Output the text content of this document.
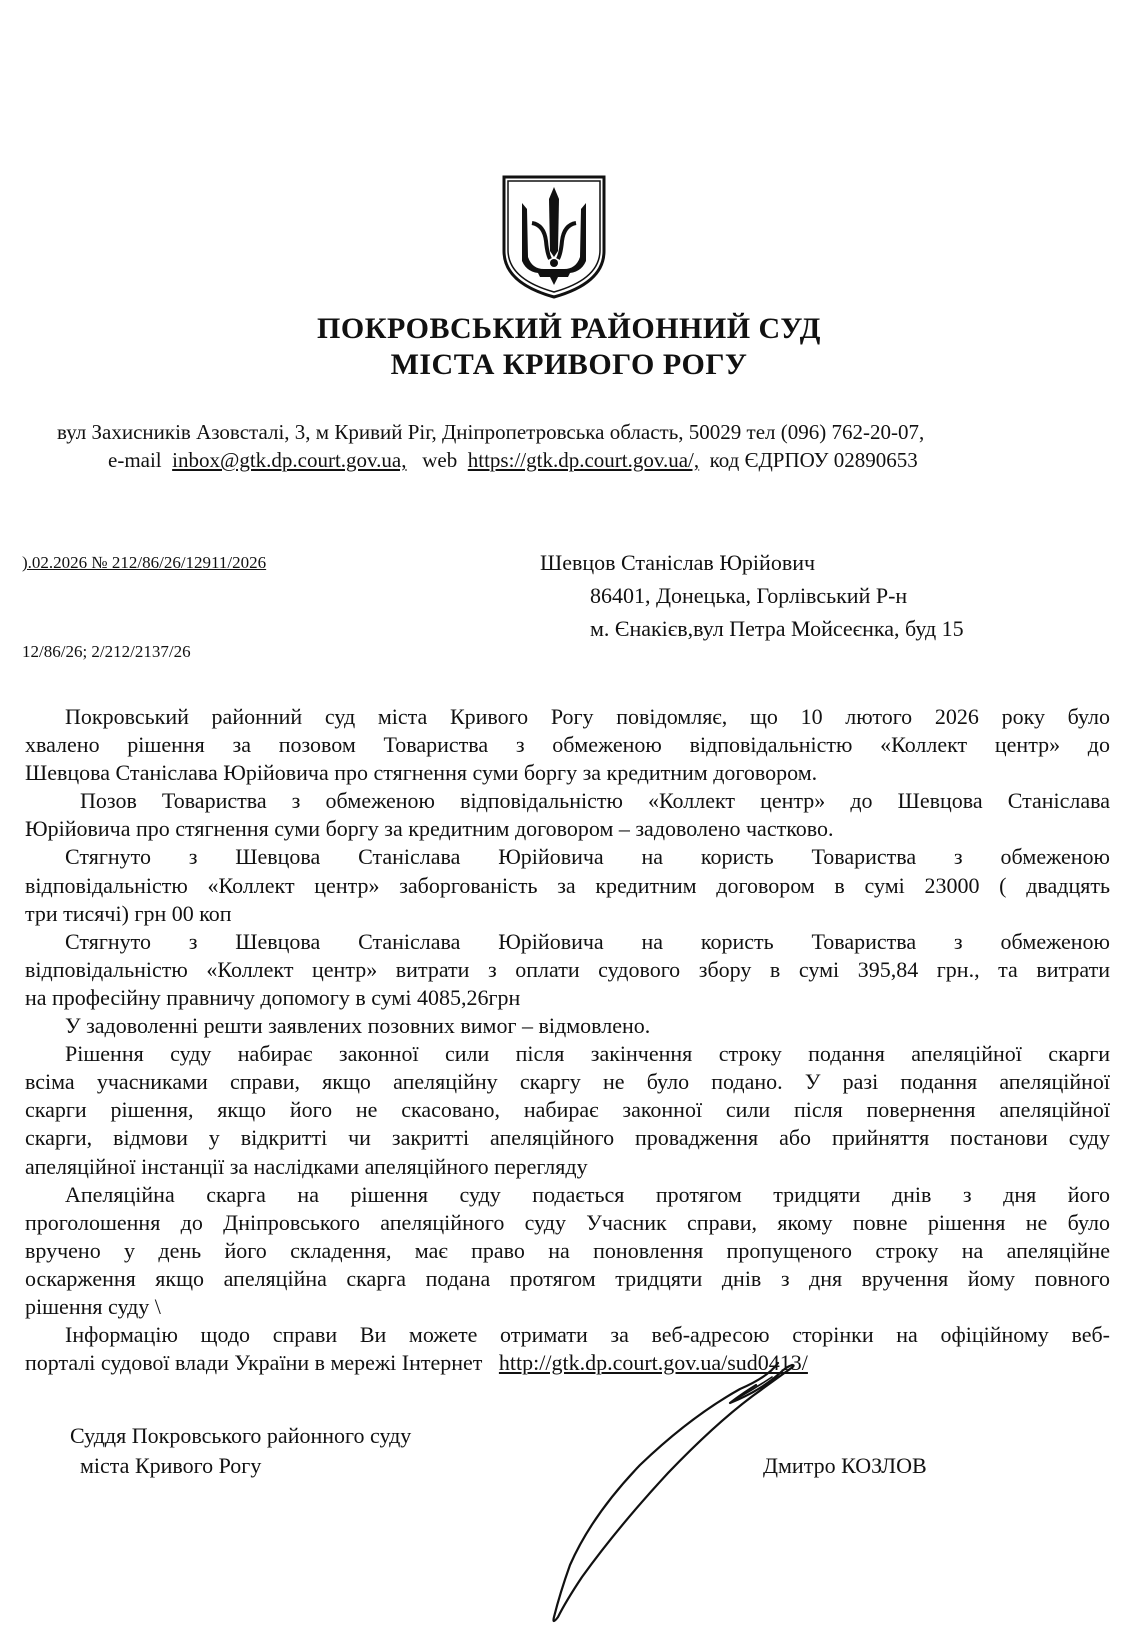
ПОКРОВСЬКИЙ РАЙОННИЙ СУД
МІСТА КРИВОГО РОГУ
вул Захисників Азовсталі, 3, м Кривий Ріг, Дніпропетровська область, 50029 тел (096) 762-20-07,
e-mail inbox@gtk.dp.court.gov.ua, web https://gtk.dp.court.gov.ua/, код ЄДРПОУ 02890653
).02.2026 № 212/86/26/12911/2026
12/86/26; 2/212/2137/26
Шевцов Станіслав Юрійович
86401, Донецька, Горлівський Р-н
м. Єнакієв,вул Петра Мойсеєнка, буд 15
Покровський районний суд міста Кривого Рогу повідомляє, що 10 лютого 2026 року було
хвалено рішення за позовом Товариства з обмеженою відповідальністю «Коллект центр» до
Шевцова Станіслава Юрійовича про стягнення суми боргу за кредитним договором.
Позов Товариства з обмеженою відповідальністю «Коллект центр» до Шевцова Станіслава
Юрійовича про стягнення суми боргу за кредитним договором – задоволено частково.
Стягнуто з Шевцова Станіслава Юрійовича на користь Товариства з обмеженою
відповідальністю «Коллект центр» заборгованість за кредитним договором в сумі 23000 ( двадцять
три тисячі) грн 00 коп
Стягнуто з Шевцова Станіслава Юрійовича на користь Товариства з обмеженою
відповідальністю «Коллект центр» витрати з оплати судового збору в сумі 395,84 грн., та витрати
на професійну правничу допомогу в сумі 4085,26грн
У задоволенні решти заявлених позовних вимог – відмовлено.
Рішення суду набирає законної сили після закінчення строку подання апеляційної скарги
всіма учасниками справи, якщо апеляційну скаргу не було подано. У разі подання апеляційної
скарги рішення, якщо його не скасовано, набирає законної сили після повернення апеляційної
скарги, відмови у відкритті чи закритті апеляційного провадження або прийняття постанови суду
апеляційної інстанції за наслідками апеляційного перегляду
Апеляційна скарга на рішення суду подається протягом тридцяти днів з дня його
проголошення до Дніпровського апеляційного суду Учасник справи, якому повне рішення не було
вручено у день його складення, має право на поновлення пропущеного строку на апеляційне
оскарження якщо апеляційна скарга подана протягом тридцяти днів з дня вручення йому повного
рішення суду \
Інформацію щодо справи Ви можете отримати за веб-адресою сторінки на офіційному веб-
порталі судової влади України в мережі Інтернет http://gtk.dp.court.gov.ua/sud0413/
Суддя Покровського районного суду
міста Кривого Рогу	Дмитро КОЗЛОВ
